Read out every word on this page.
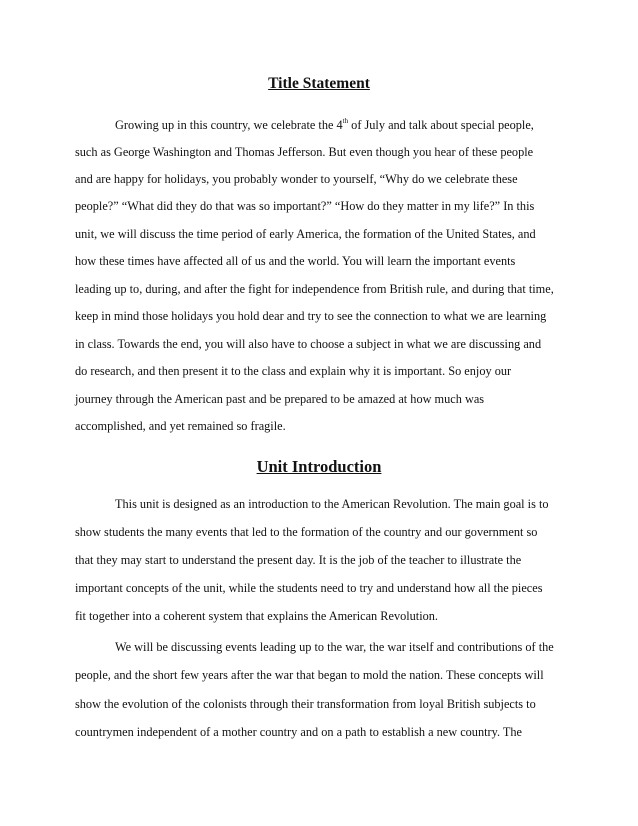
Title Statement
Growing up in this country, we celebrate the 4th of July and talk about special people,
such as George Washington and Thomas Jefferson. But even though you hear of these people
and are happy for holidays, you probably wonder to yourself, “Why do we celebrate these
people?” “What did they do that was so important?” “How do they matter in my life?” In this
unit, we will discuss the time period of early America, the formation of the United States, and
how these times have affected all of us and the world. You will learn the important events
leading up to, during, and after the fight for independence from British rule, and during that time,
keep in mind those holidays you hold dear and try to see the connection to what we are learning
in class. Towards the end, you will also have to choose a subject in what we are discussing and
do research, and then present it to the class and explain why it is important. So enjoy our
journey through the American past and be prepared to be amazed at how much was
accomplished, and yet remained so fragile.
Unit Introduction
This unit is designed as an introduction to the American Revolution. The main goal is to
show students the many events that led to the formation of the country and our government so
that they may start to understand the present day. It is the job of the teacher to illustrate the
important concepts of the unit, while the students need to try and understand how all the pieces
fit together into a coherent system that explains the American Revolution.
We will be discussing events leading up to the war, the war itself and contributions of the
people, and the short few years after the war that began to mold the nation. These concepts will
show the evolution of the colonists through their transformation from loyal British subjects to
countrymen independent of a mother country and on a path to establish a new country. The
